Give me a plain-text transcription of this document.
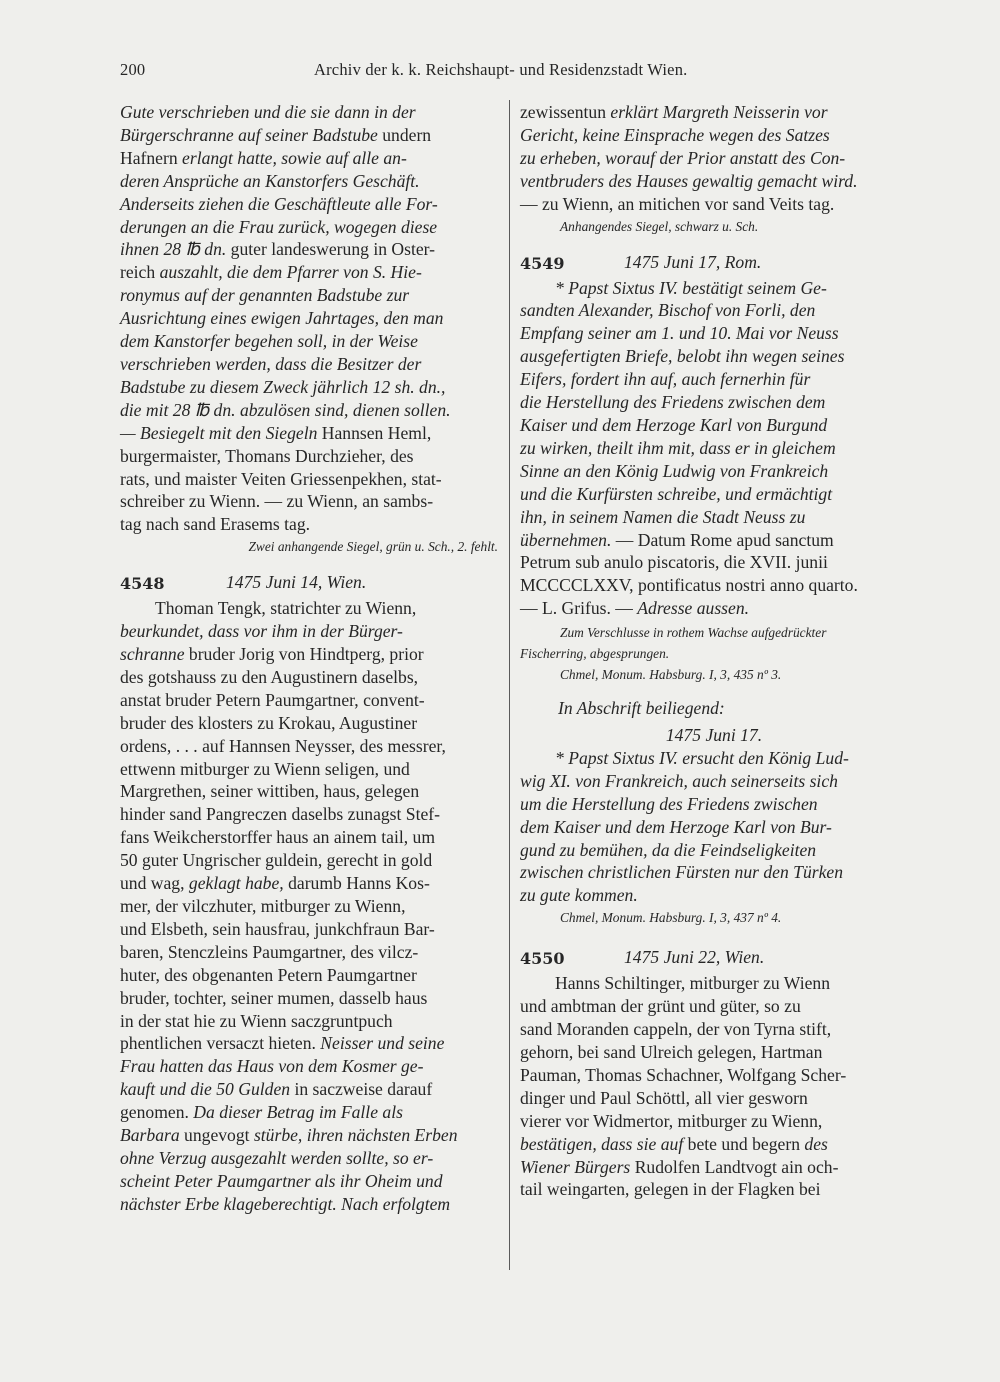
200	Archiv der k. k. Reichshaupt- und Residenzstadt Wien.

Gute verschrieben und die sie dann in der

Bürgerschranne auf seiner Badstube undern

Hafnern erlangt hatte, sowie auf alle an-

deren Ansprüche an Kanstorfers Geschäft.

Anderseits ziehen die Geschäftleute alle For-

derungen an die Frau zurück, wogegen diese

ihnen 28 ℔ dn. guter landeswerung in Oster-

reich auszahlt, die dem Pfarrer von S. Hie-

ronymus auf der genannten Badstube zur

Ausrichtung eines ewigen Jahrtages, den man

dem Kanstorfer begehen soll, in der Weise

verschrieben werden, dass die Besitzer der

Badstube zu diesem Zweck jährlich 12 sh. dn.,

die mit 28 ℔ dn. abzulösen sind, dienen sollen.

— Besiegelt mit den Siegeln Hannsen Heml,

burgermaister, Thomans Durchzieher, des

rats, und maister Veiten Griessenpekhen, stat-

schreiber zu Wienn. — zu Wienn, an sambs-

tag nach sand Erasems tag.

Zwei anhangende Siegel, grün u. Sch., 2. fehlt.

4548	1475 Juni 14, Wien.

Thoman Tengk, statrichter zu Wienn,

beurkundet, dass vor ihm in der Bürger-

schranne bruder Jorig von Hindtperg, prior

des gotshauss zu den Augustinern daselbs,

anstat bruder Petern Paumgartner, convent-

bruder des klosters zu Krokau, Augustiner

ordens, . . . auf Hannsen Neysser, des messrer,

ettwenn mitburger zu Wienn seligen, und

Margrethen, seiner wittiben, haus, gelegen

hinder sand Pangreczen daselbs zunagst Stef-

fans Weikcherstorffer haus an ainem tail, um

50 guter Ungrischer guldein, gerecht in gold

und wag, geklagt habe, darumb Hanns Kos-

mer, der vilczhuter, mitburger zu Wienn,

und Elsbeth, sein hausfrau, junkchfraun Bar-

baren, Stenczleins Paumgartner, des vilcz-

huter, des obgenanten Petern Paumgartner

bruder, tochter, seiner mumen, dasselb haus

in der stat hie zu Wienn saczgruntpuch

phentlichen versaczt hieten. Neisser und seine

Frau hatten das Haus von dem Kosmer ge-

kauft und die 50 Gulden in saczweise darauf

genomen. Da dieser Betrag im Falle als

Barbara ungevogt stürbe, ihren nächsten Erben

ohne Verzug ausgezahlt werden sollte, so er-

scheint Peter Paumgartner als ihr Oheim und

nächster Erbe klageberechtigt. Nach erfolgtem

zewissentun erklärt Margreth Neisserin vor

Gericht, keine Einsprache wegen des Satzes

zu erheben, worauf der Prior anstatt des Con-

ventbruders des Hauses gewaltig gemacht wird.

— zu Wienn, an mitichen vor sand Veits tag.

Anhangendes Siegel, schwarz u. Sch.

4549	1475 Juni 17, Rom.

* Papst Sixtus IV. bestätigt seinem Ge-

sandten Alexander, Bischof von Forli, den

Empfang seiner am 1. und 10. Mai vor Neuss

ausgefertigten Briefe, belobt ihn wegen seines

Eifers, fordert ihn auf, auch fernerhin für

die Herstellung des Friedens zwischen dem

Kaiser und dem Herzoge Karl von Burgund

zu wirken, theilt ihm mit, dass er in gleichem

Sinne an den König Ludwig von Frankreich

und die Kurfürsten schreibe, und ermächtigt

ihn, in seinem Namen die Stadt Neuss zu

übernehmen. — Datum Rome apud sanctum

Petrum sub anulo piscatoris, die XVII. junii

MCCCCLXXV, pontificatus nostri anno quarto.

— L. Grifus. — Adresse aussen.

Zum Verschlusse in rothem Wachse aufgedrückter

Fischerring, abgesprungen.

Chmel, Monum. Habsburg. I, 3, 435 nº 3.

In Abschrift beiliegend:

1475 Juni 17.

* Papst Sixtus IV. ersucht den König Lud-

wig XI. von Frankreich, auch seinerseits sich

um die Herstellung des Friedens zwischen

dem Kaiser und dem Herzoge Karl von Bur-

gund zu bemühen, da die Feindseligkeiten

zwischen christlichen Fürsten nur den Türken

zu gute kommen.

Chmel, Monum. Habsburg. I, 3, 437 nº 4.

4550	1475 Juni 22, Wien.

Hanns Schiltinger, mitburger zu Wienn

und ambtman der grünt und güter, so zu

sand Moranden cappeln, der von Tyrna stift,

gehorn, bei sand Ulreich gelegen, Hartman

Pauman, Thomas Schachner, Wolfgang Scher-

dinger und Paul Schöttl, all vier gesworn

vierer vor Widmertor, mitburger zu Wienn,

bestätigen, dass sie auf bete und begern des

Wiener Bürgers Rudolfen Landtvogt ain och-

tail weingarten, gelegen in der Flagken bei
